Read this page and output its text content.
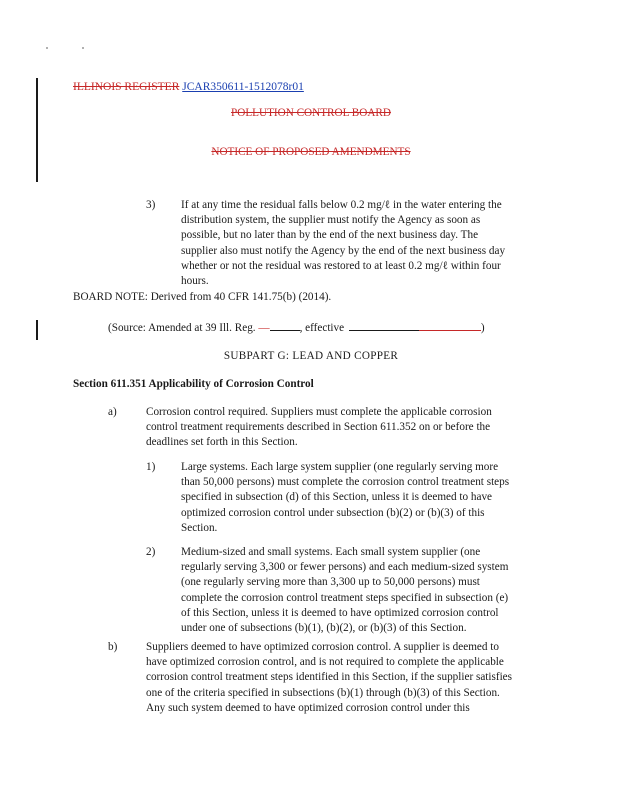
ILLINOIS REGISTER JCAR350611-1512078r01
POLLUTION CONTROL BOARD
NOTICE OF PROPOSED AMENDMENTS
3) If at any time the residual falls below 0.2 mg/ℓ in the water entering the
distribution system, the supplier must notify the Agency as soon as
possible, but no later than by the end of the next business day. The
supplier also must notify the Agency by the end of the next business day
whether or not the residual was restored to at least 0.2 mg/ℓ within four
hours.
BOARD NOTE: Derived from 40 CFR 141.75(b) (2014).
(Source: Amended at 39 Ill. Reg. —	, effective	)
SUBPART G: LEAD AND COPPER
Section 611.351 Applicability of Corrosion Control
a)	Corrosion control required. Suppliers must complete the applicable corrosion
control treatment requirements described in Section 611.352 on or before the
deadlines set forth in this Section.
1) Large systems. Each large system supplier (one regularly serving more
than 50,000 persons) must complete the corrosion control treatment steps
specified in subsection (d) of this Section, unless it is deemed to have
optimized corrosion control under subsection (b)(2) or (b)(3) of this
Section.
2) Medium-sized and small systems. Each small system supplier (one
regularly serving 3,300 or fewer persons) and each medium-sized system
(one regularly serving more than 3,300 up to 50,000 persons) must
complete the corrosion control treatment steps specified in subsection (e)
of this Section, unless it is deemed to have optimized corrosion control
under one of subsections (b)(1), (b)(2), or (b)(3) of this Section.
b)	Suppliers deemed to have optimized corrosion control. A supplier is deemed to
have optimized corrosion control, and is not required to complete the applicable
corrosion control treatment steps identified in this Section, if the supplier satisfies
one of the criteria specified in subsections (b)(1) through (b)(3) of this Section.
Any such system deemed to have optimized corrosion control under this
